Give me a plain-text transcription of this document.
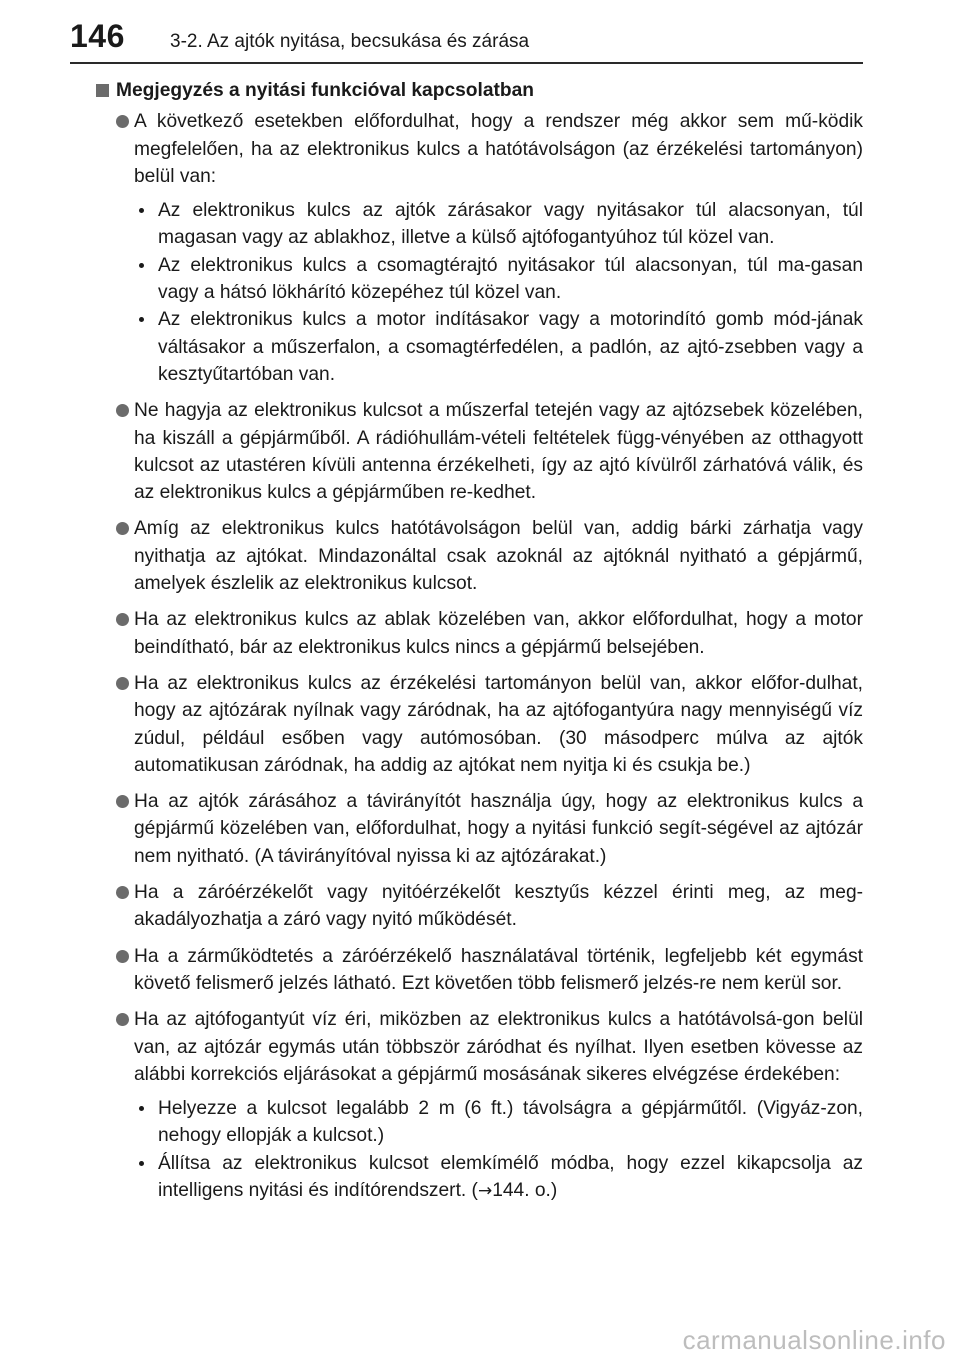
146 3-2. Az ajtók nyitása, becsukása és zárása
Megjegyzés a nyitási funkcióval kapcsolatban
A következő esetekben előfordulhat, hogy a rendszer még akkor sem mű-ködik megfelelően, ha az elektronikus kulcs a hatótávolságon (az érzékelési tartományon) belül van:
Az elektronikus kulcs az ajtók zárásakor vagy nyitásakor túl alacsonyan, túl magasan vagy az ablakhoz, illetve a külső ajtófogantyúhoz túl közel van.
Az elektronikus kulcs a csomagtérajtó nyitásakor túl alacsonyan, túl ma-gasan vagy a hátsó lökhárító közepéhez túl közel van.
Az elektronikus kulcs a motor indításakor vagy a motorindító gomb mód-jának váltásakor a műszerfalon, a csomagtérfedélen, a padlón, az ajtó-zsebben vagy a kesztyűtartóban van.
Ne hagyja az elektronikus kulcsot a műszerfal tetején vagy az ajtózsebek közelében, ha kiszáll a gépjárműből. A rádióhullám-vételi feltételek függ-vényében az otthagyott kulcsot az utastéren kívüli antenna érzékelheti, így az ajtó kívülről zárhatóvá válik, és az elektronikus kulcs a gépjárműben re-kedhet.
Amíg az elektronikus kulcs hatótávolságon belül van, addig bárki zárhatja vagy nyithatja az ajtókat. Mindazonáltal csak azoknál az ajtóknál nyitható a gépjármű, amelyek észlelik az elektronikus kulcsot.
Ha az elektronikus kulcs az ablak közelében van, akkor előfordulhat, hogy a motor beindítható, bár az elektronikus kulcs nincs a gépjármű belsejében.
Ha az elektronikus kulcs az érzékelési tartományon belül van, akkor előfor-dulhat, hogy az ajtózárak nyílnak vagy záródnak, ha az ajtófogantyúra nagy mennyiségű víz zúdul, például esőben vagy autómosóban. (30 másodperc múlva az ajtók automatikusan záródnak, ha addig az ajtókat nem nyitja ki és csukja be.)
Ha az ajtók zárásához a távirányítót használja úgy, hogy az elektronikus kulcs a gépjármű közelében van, előfordulhat, hogy a nyitási funkció segít-ségével az ajtózár nem nyitható. (A távirányítóval nyissa ki az ajtózárakat.)
Ha a záróérzékelőt vagy nyitóérzékelőt kesztyűs kézzel érinti meg, az meg-akadályozhatja a záró vagy nyitó működését.
Ha a zárműködtetés a záróérzékelő használatával történik, legfeljebb két egymást követő felismerő jelzés látható. Ezt követően több felismerő jelzés-re nem kerül sor.
Ha az ajtófogantyút víz éri, miközben az elektronikus kulcs a hatótávolsá-gon belül van, az ajtózár egymás után többször záródhat és nyílhat. Ilyen esetben kövesse az alábbi korrekciós eljárásokat a gépjármű mosásának sikeres elvégzése érdekében:
Helyezze a kulcsot legalább 2 m (6 ft.) távolságra a gépjárműtől. (Vigyáz-zon, nehogy ellopják a kulcsot.)
Állítsa az elektronikus kulcsot elemkímélő módba, hogy ezzel kikapcsolja az intelligens nyitási és indítórendszert. (→144. o.)
carmanualsonline.info
